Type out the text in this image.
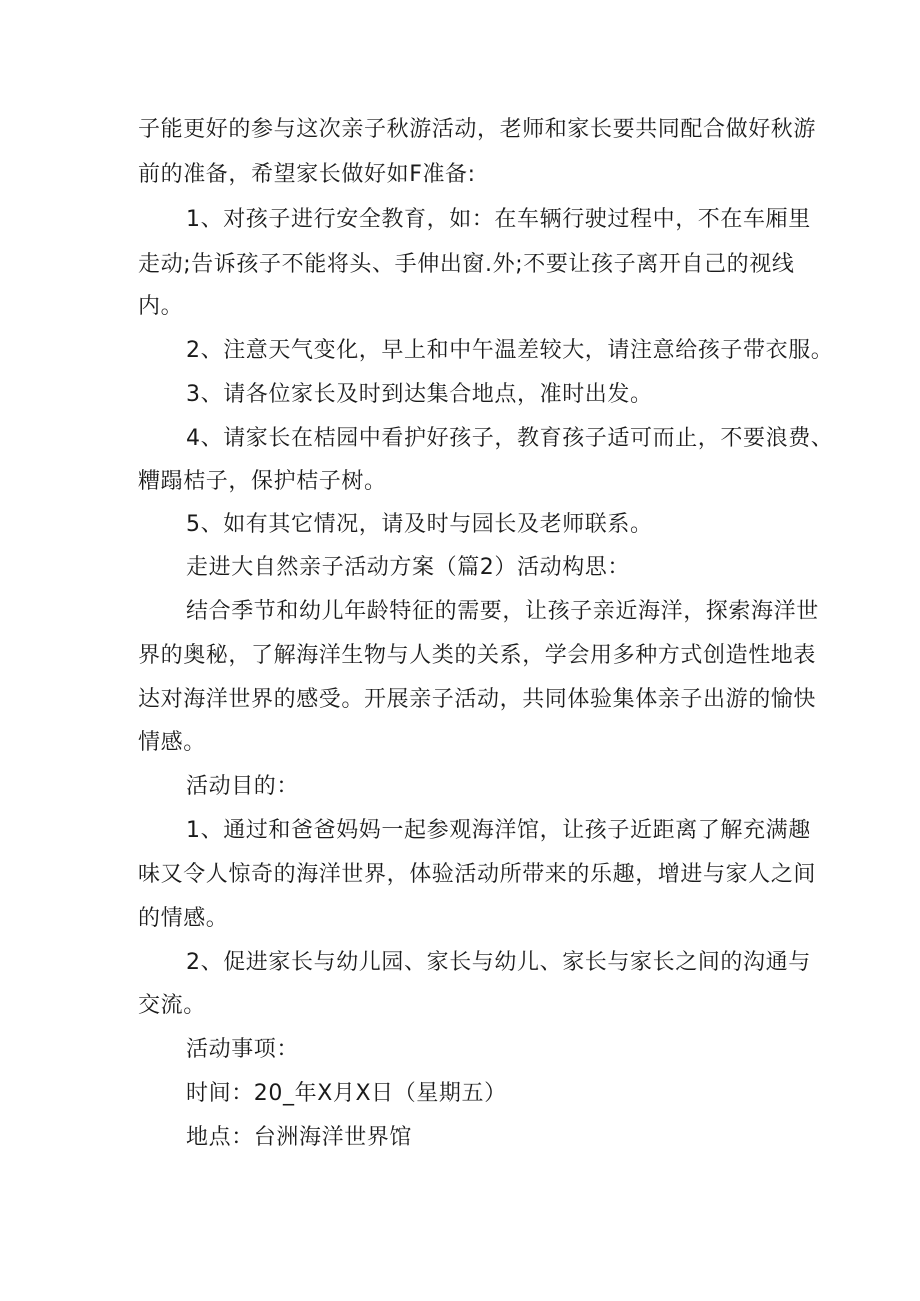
子能更好的参与这次亲子秋游活动，老师和家长要共同配合做好秋游
前的准备，希望家长做好如F准备:
1、对孩子进行安全教育，如：在车辆行驶过程中，不在车厢里
走动;告诉孩子不能将头、手伸出窗.外;不要让孩子离开自己的视线
内。
2、注意天气变化，早上和中午温差较大，请注意给孩子带衣服。
3、请各位家长及时到达集合地点，准时出发。
4、请家长在桔园中看护好孩子，教育孩子适可而止，不要浪费、
糟蹋桔子，保护桔子树。
5、如有其它情况，请及时与园长及老师联系。
走进大自然亲子活动方案（篇2）活动构思：
结合季节和幼儿年龄特征的需要，让孩子亲近海洋，探索海洋世
界的奥秘，了解海洋生物与人类的关系，学会用多种方式创造性地表
达对海洋世界的感受。开展亲子活动，共同体验集体亲子出游的愉快
情感。
活动目的：
1、通过和爸爸妈妈一起参观海洋馆，让孩子近距离了解充满趣
味又令人惊奇的海洋世界，体验活动所带来的乐趣，增进与家人之间
的情感。
2、促进家长与幼儿园、家长与幼儿、家长与家长之间的沟通与
交流。
活动事项：
时间：20_年X月X日（星期五）
地点：台洲海洋世界馆
